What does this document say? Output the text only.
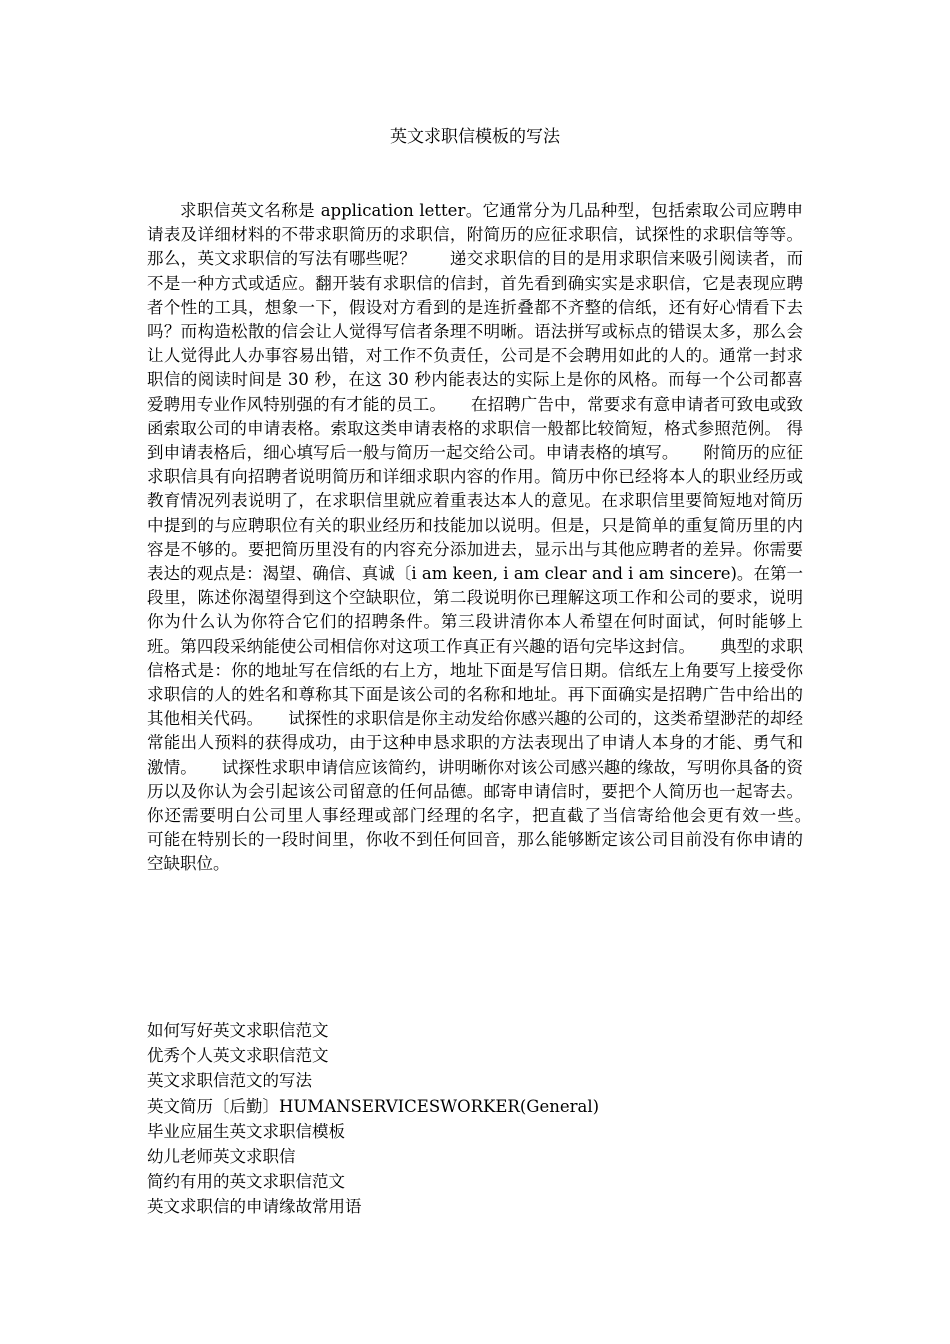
英文求职信模板的写法

求职信英文名称是 application letter。它通常分为几品种型，包括索取公司应聘申请表及详细材料的不带求职简历的求职信，附简历的应征求职信，试探性的求职信等等。 那么，英文求职信的写法有哪些呢？　　递交求职信的目的是用求职信来吸引阅读者，而不是一种方式或适应。翻开装有求职信的信封，首先看到确实实是求职信，它是表现应聘者个性的工具，想象一下，假设对方看到的是连折叠都不齐整的信纸，还有好心情看下去吗？而构造松散的信会让人觉得写信者条理不明晰。语法拼写或标点的错误太多，那么会让人觉得此人办事容易出错，对工作不负责任，公司是不会聘用如此的人的。通常一封求职信的阅读时间是 30 秒，在这 30 秒内能表达的实际上是你的风格。而每一个公司都喜爱聘用专业作风特别强的有才能的员工。　　在招聘广告中，常要求有意申请者可致电或致函索取公司的申请表格。索取这类申请表格的求职信一般都比较简短，格式参照范例。 得到申请表格后，细心填写后一般与简历一起交给公司。申请表格的填写。　　附简历的应征求职信具有向招聘者说明简历和详细求职内容的作用。简历中你已经将本人的职业经历或教育情况列表说明了，在求职信里就应着重表达本人的意见。在求职信里要简短地对简历中提到的与应聘职位有关的职业经历和技能加以说明。但是，只是简单的重复简历里的内容是不够的。要把简历里没有的内容充分添加进去，显示出与其他应聘者的差异。你需要表达的观点是：渴望、确信、真诚〔i am keen, i am clear and i am sincere)。在第一段里，陈述你渴望得到这个空缺职位，第二段说明你已理解这项工作和公司的要求，说明你为什么认为你符合它们的招聘条件。第三段讲清你本人希望在何时面试，何时能够上班。第四段采纳能使公司相信你对这项工作真正有兴趣的语句完毕这封信。　　典型的求职信格式是：你的地址写在信纸的右上方，地址下面是写信日期。信纸左上角要写上接受你求职信的人的姓名和尊称其下面是该公司的名称和地址。再下面确实是招聘广告中给出的其他相关代码。　　试探性的求职信是你主动发给你感兴趣的公司的，这类希望渺茫的却经常能出人预料的获得成功，由于这种申恳求职的方法表现出了申请人本身的才能、勇气和激情。　　试探性求职申请信应该简约，讲明晰你对该公司感兴趣的缘故，写明你具备的资历以及你认为会引起该公司留意的任何品德。邮寄申请信时，要把个人简历也一起寄去。你还需要明白公司里人事经理或部门经理的名字，把直截了当信寄给他会更有效一些。　　可能在特别长的一段时间里，你收不到任何回音，那么能够断定该公司目前没有你申请的空缺职位。

如何写好英文求职信范文
优秀个人英文求职信范文
英文求职信范文的写法
英文简历〔后勤〕HUMANSERVICESWORKER(General)
毕业应届生英文求职信模板
幼儿老师英文求职信
简约有用的英文求职信范文
英文求职信的申请缘故常用语
